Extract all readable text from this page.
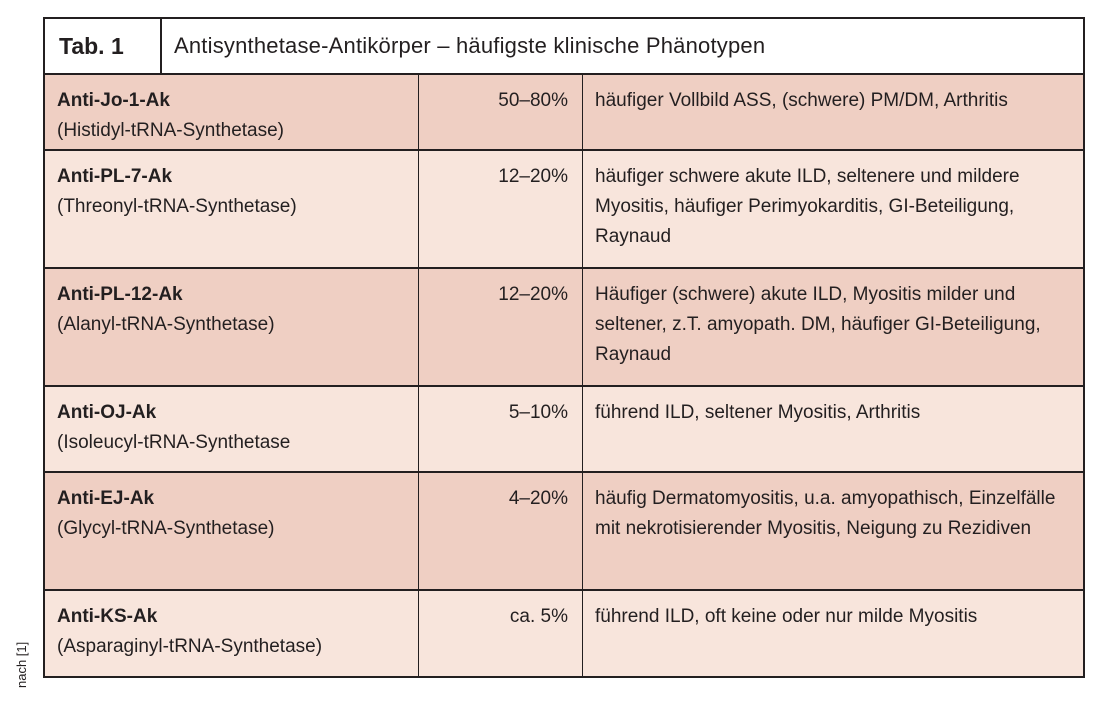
Tab. 1	Antisynthetase-Antikörper – häufigste klinische Phänotypen
Anti-Jo-1-Ak
(Histidyl-tRNA-Synthetase)
50–80%	häufiger Vollbild ASS, (schwere) PM/DM, Arthritis
Anti-PL-7-Ak
(Threonyl-tRNA-Synthetase)
12–20%	häufiger schwere akute ILD, seltenere und mildere Myositis, häufiger Perimyokarditis, GI-Beteiligung, Raynaud
Anti-PL-12-Ak
(Alanyl-tRNA-Synthetase)
12–20%	Häufiger (schwere) akute ILD, Myositis milder und seltener, z.T. amyopath. DM, häufiger GI-Beteiligung, Raynaud
Anti-OJ-Ak
(Isoleucyl-tRNA-Synthetase
5–10%	führend ILD, seltener Myositis, Arthritis
Anti-EJ-Ak
(Glycyl-tRNA-Synthetase)
4–20%	häufig Dermatomyositis, u.a. amyopathisch, Einzelfälle mit nekrotisierender Myositis, Neigung zu Rezidiven
Anti-KS-Ak
(Asparaginyl-tRNA-Synthetase)
ca. 5%	führend ILD, oft keine oder nur milde Myositis
nach [1]
